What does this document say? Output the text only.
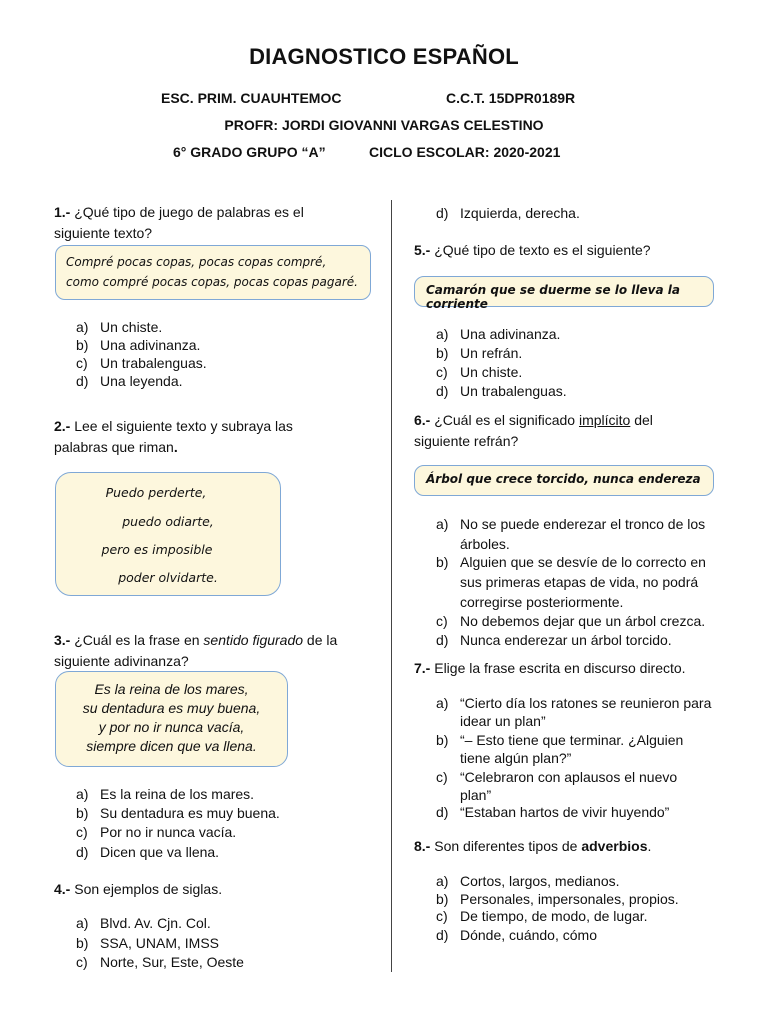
DIAGNOSTICO ESPAÑOL
ESC. PRIM. CUAUHTEMOC	C.C.T. 15DPR0189R
PROFR: JORDI GIOVANNI VARGAS CELESTINO
6° GRADO GRUPO “A”	CICLO ESCOLAR: 2020-2021
1.- ¿Qué tipo de juego de palabras es el
siguiente texto?
Compré pocas copas, pocas copas compré,
como compré pocas copas, pocas copas pagaré.
a) Un chiste.
b) Una adivinanza.
c) Un trabalenguas.
d) Una leyenda.
2.- Lee el siguiente texto y subraya las
palabras que riman.
Puedo perderte,
puedo odiarte,
pero es imposible
poder olvidarte.
3.- ¿Cuál es la frase en sentido figurado de la
siguiente adivinanza?
Es la reina de los mares,
su dentadura es muy buena,
y por no ir nunca vacía,
siempre dicen que va llena.
a) Es la reina de los mares.
b) Su dentadura es muy buena.
c) Por no ir nunca vacía.
d) Dicen que va llena.
4.- Son ejemplos de siglas.
a) Blvd. Av. Cjn. Col.
b) SSA, UNAM, IMSS
c) Norte, Sur, Este, Oeste
d) Izquierda, derecha.
5.- ¿Qué tipo de texto es el siguiente?
Camarón que se duerme se lo lleva la corriente
a) Una adivinanza.
b) Un refrán.
c) Un chiste.
d) Un trabalenguas.
6.- ¿Cuál es el significado implícito del
siguiente refrán?
Árbol que crece torcido, nunca endereza
a) No se puede enderezar el tronco de los
árboles.
b) Alguien que se desvíe de lo correcto en
sus primeras etapas de vida, no podrá
corregirse posteriormente.
c) No debemos dejar que un árbol crezca.
d) Nunca enderezar un árbol torcido.
7.- Elige la frase escrita en discurso directo.
a) “Cierto día los ratones se reunieron para
idear un plan”
b) “– Esto tiene que terminar. ¿Alguien
tiene algún plan?”
c) “Celebraron con aplausos el nuevo
plan”
d) “Estaban hartos de vivir huyendo”
8.- Son diferentes tipos de adverbios.
a) Cortos, largos, medianos.
b) Personales, impersonales, propios.
c) De tiempo, de modo, de lugar.
d) Dónde, cuándo, cómo
